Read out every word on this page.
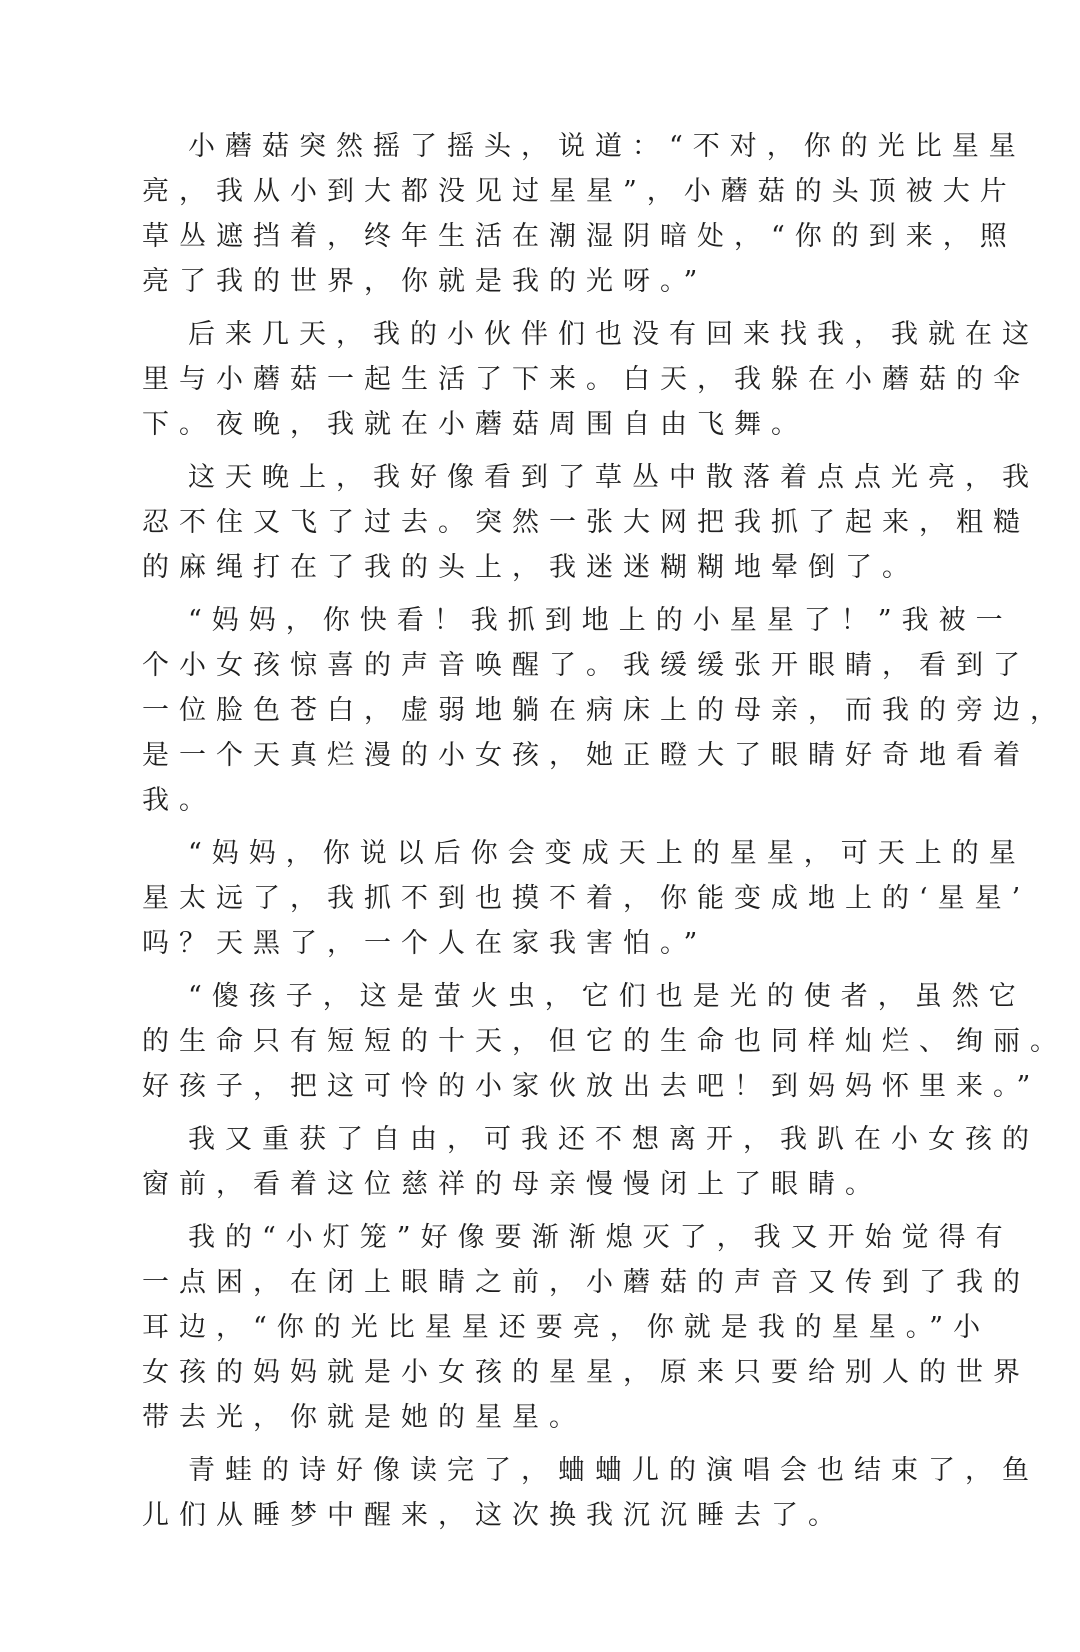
小蘑菇突然摇了摇头，说道：“不对，你的光比星星
亮，我从小到大都没见过星星”，小蘑菇的头顶被大片
草丛遮挡着，终年生活在潮湿阴暗处，“你的到来，照
亮了我的世界，你就是我的光呀。”
后来几天，我的小伙伴们也没有回来找我，我就在这
里与小蘑菇一起生活了下来。白天，我躲在小蘑菇的伞
下。夜晚，我就在小蘑菇周围自由飞舞。
这天晚上，我好像看到了草丛中散落着点点光亮，我
忍不住又飞了过去。突然一张大网把我抓了起来，粗糙
的麻绳打在了我的头上，我迷迷糊糊地晕倒了。
“妈妈，你快看！我抓到地上的小星星了！”我被一
个小女孩惊喜的声音唤醒了。我缓缓张开眼睛，看到了
一位脸色苍白，虚弱地躺在病床上的母亲，而我的旁边，
是一个天真烂漫的小女孩，她正瞪大了眼睛好奇地看着
我。
“妈妈，你说以后你会变成天上的星星，可天上的星
星太远了，我抓不到也摸不着，你能变成地上的‘星星’
吗？天黑了，一个人在家我害怕。”
“傻孩子，这是萤火虫，它们也是光的使者，虽然它
的生命只有短短的十天，但它的生命也同样灿烂、绚丽。
好孩子，把这可怜的小家伙放出去吧！到妈妈怀里来。”
我又重获了自由，可我还不想离开，我趴在小女孩的
窗前，看着这位慈祥的母亲慢慢闭上了眼睛。
我的“小灯笼”好像要渐渐熄灭了，我又开始觉得有
一点困，在闭上眼睛之前，小蘑菇的声音又传到了我的
耳边，“你的光比星星还要亮，你就是我的星星。”小
女孩的妈妈就是小女孩的星星，原来只要给别人的世界
带去光，你就是她的星星。
青蛙的诗好像读完了，蛐蛐儿的演唱会也结束了，鱼
儿们从睡梦中醒来，这次换我沉沉睡去了。
